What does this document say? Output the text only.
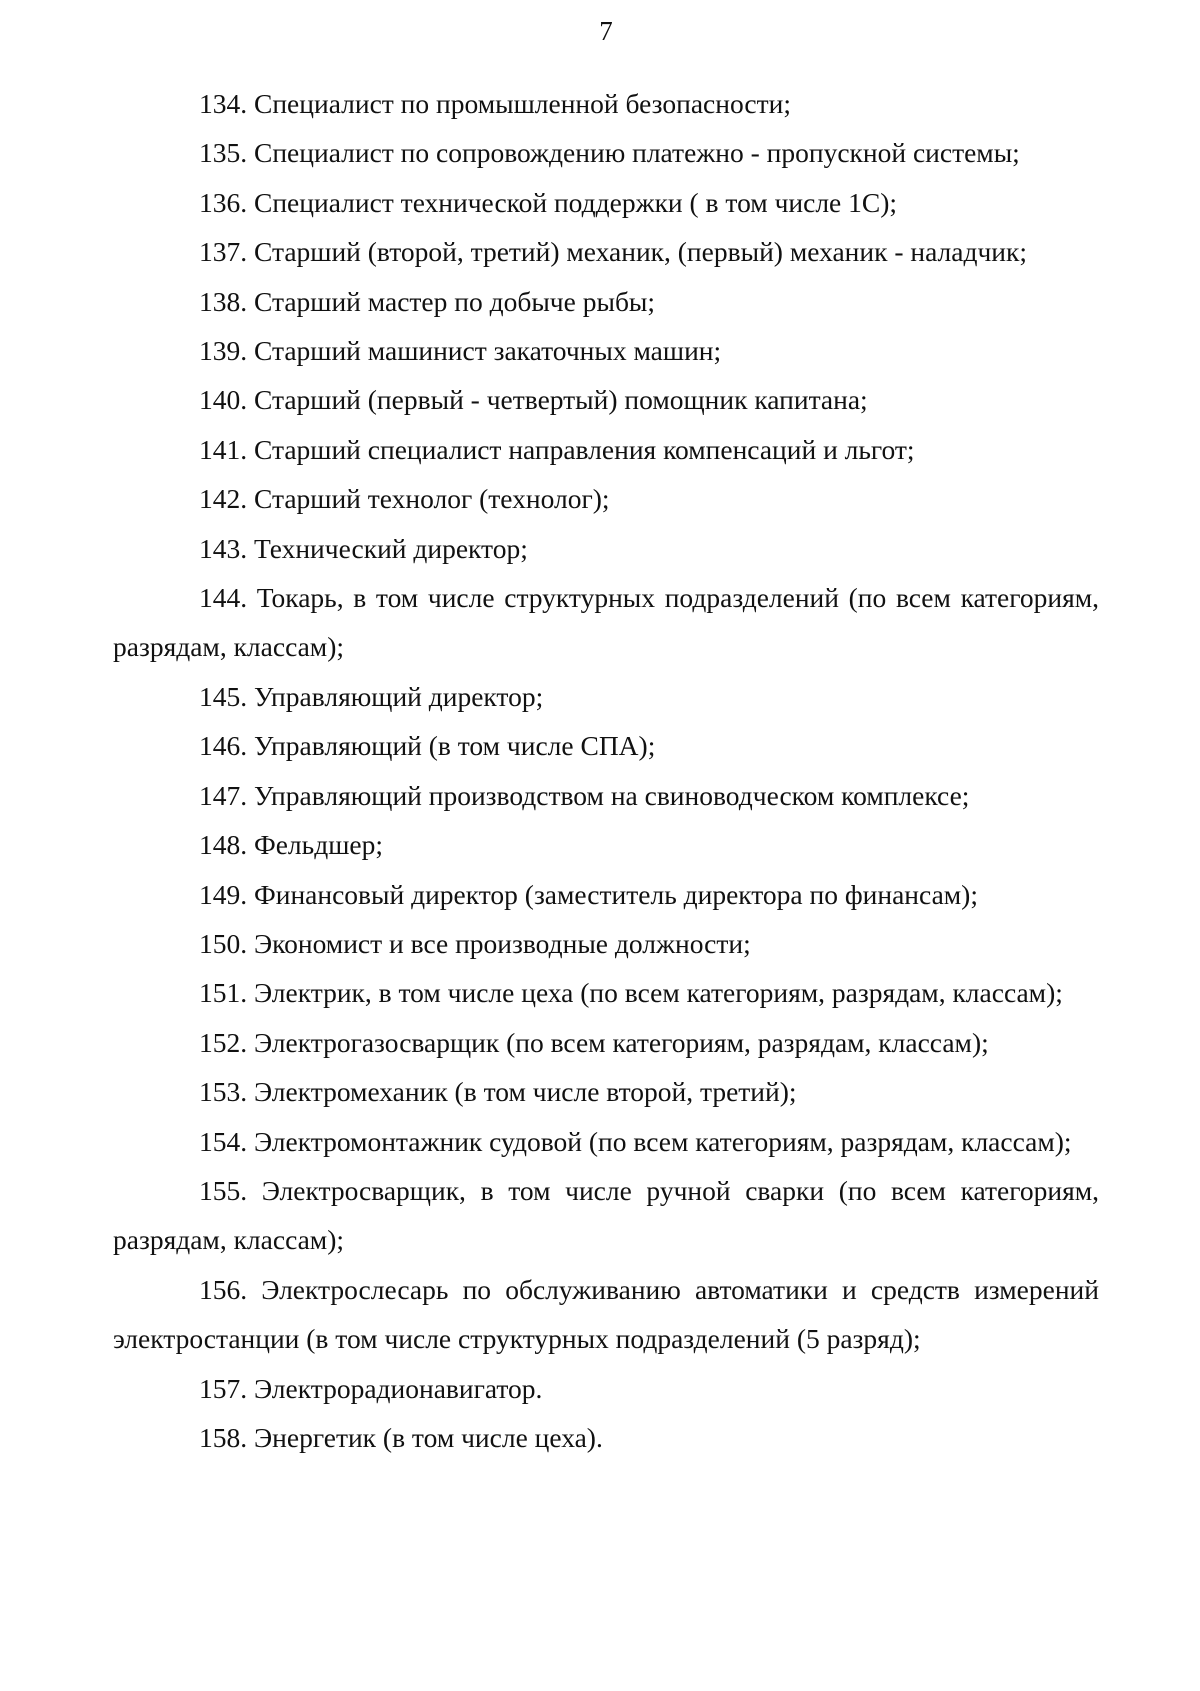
7
134. Специалист по промышленной безопасности;
135. Специалист по сопровождению платежно - пропускной системы;
136. Специалист технической поддержки ( в том числе 1С);
137. Старший (второй, третий) механик, (первый) механик - наладчик;
138. Старший мастер по добыче рыбы;
139. Старший машинист закаточных машин;
140. Старший (первый - четвертый) помощник капитана;
141. Старший специалист направления компенсаций и льгот;
142. Старший технолог (технолог);
143. Технический директор;
144. Токарь, в том числе структурных подразделений (по всем категориям, разрядам, классам);
145. Управляющий директор;
146. Управляющий (в том числе СПА);
147. Управляющий производством на свиноводческом комплексе;
148. Фельдшер;
149. Финансовый директор (заместитель директора по финансам);
150. Экономист и все производные должности;
151. Электрик, в том числе цеха (по всем категориям, разрядам, классам);
152. Электрогазосварщик (по всем категориям, разрядам, классам);
153. Электромеханик (в том числе второй, третий);
154. Электромонтажник судовой (по всем категориям, разрядам, классам);
155. Электросварщик, в том числе ручной сварки (по всем категориям, разрядам, классам);
156. Электрослесарь по обслуживанию автоматики и средств измерений электростанции (в том числе структурных подразделений (5 разряд);
157. Электрорадионавигатор.
158. Энергетик (в том числе цеха).
